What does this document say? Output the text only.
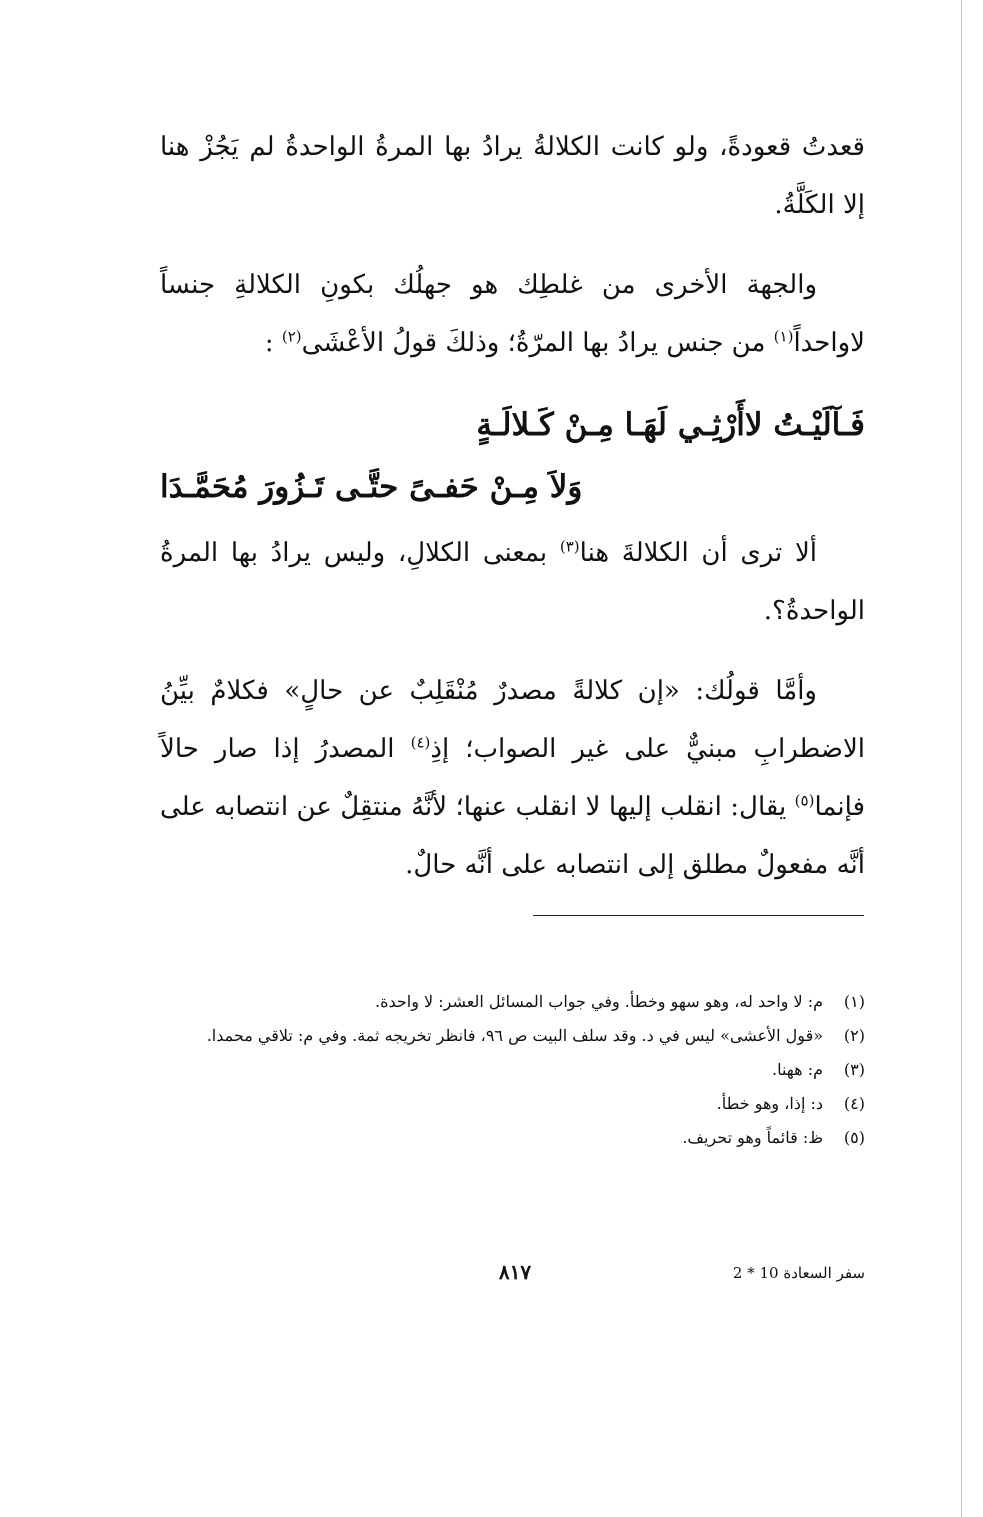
قعدتُ قعودةً، ولو كانت الكلالةُ يرادُ بها المرةُ الواحدةُ لم يَجُزْ هنا إلا الكَلَّةُ.

والجهة الأخرى من غلطِك هو جهلُك بكونِ الكلالةِ جنساً لاواحداً$^{(١)}$ من جنس يرادُ بها المرّةُ؛ وذلكَ قولُ الأعْشَى$^{(٢)}$ :

فَـآلَيْـتُ لاأَرْثِـي لَهَـا مِـنْ كَـلالَـةٍ

وَلاَ مِـنْ حَفـىً حتَّـى تَـزُورَ مُحَمَّـدَا

ألا ترى أن الكلالةَ هنا$^{(٣)}$ بمعنى الكلالِ، وليس يرادُ بها المرةُ الواحدةُ؟.

وأمَّا قولُك: «إن كلالةً مصدرٌ مُنْقَلِبٌ عن حالٍ» فكلامٌ بيِّنُ الاضطرابِ مبنيٌّ على غير الصواب؛ إذِ$^{(٤)}$ المصدرُ إذا صار حالاً فإنما$^{(٥)}$ يقال: انقلب إليها لا انقلب عنها؛ لأنَّهُ منتقِلٌ عن انتصابه على أنَّه مفعولٌ مطلق إلى انتصابه على أنَّه حالٌ.

(١)
م: لا واحد له، وهو سهو وخطأ. وفي جواب المسائل العشر: لا واحدة.
(٢)
«قول الأعشى» ليس في د. وقد سلف البيت ص ٩٦، فانظر تخريجه ثمة. وفي م: تلاقي محمدا.
(٣)
م: ههنا.
(٤)
د: إذا، وهو خطأ.
(٥)
ظ: قائماً وهو تحريف.
٨١٧	سفر السعادة 10 * 2
